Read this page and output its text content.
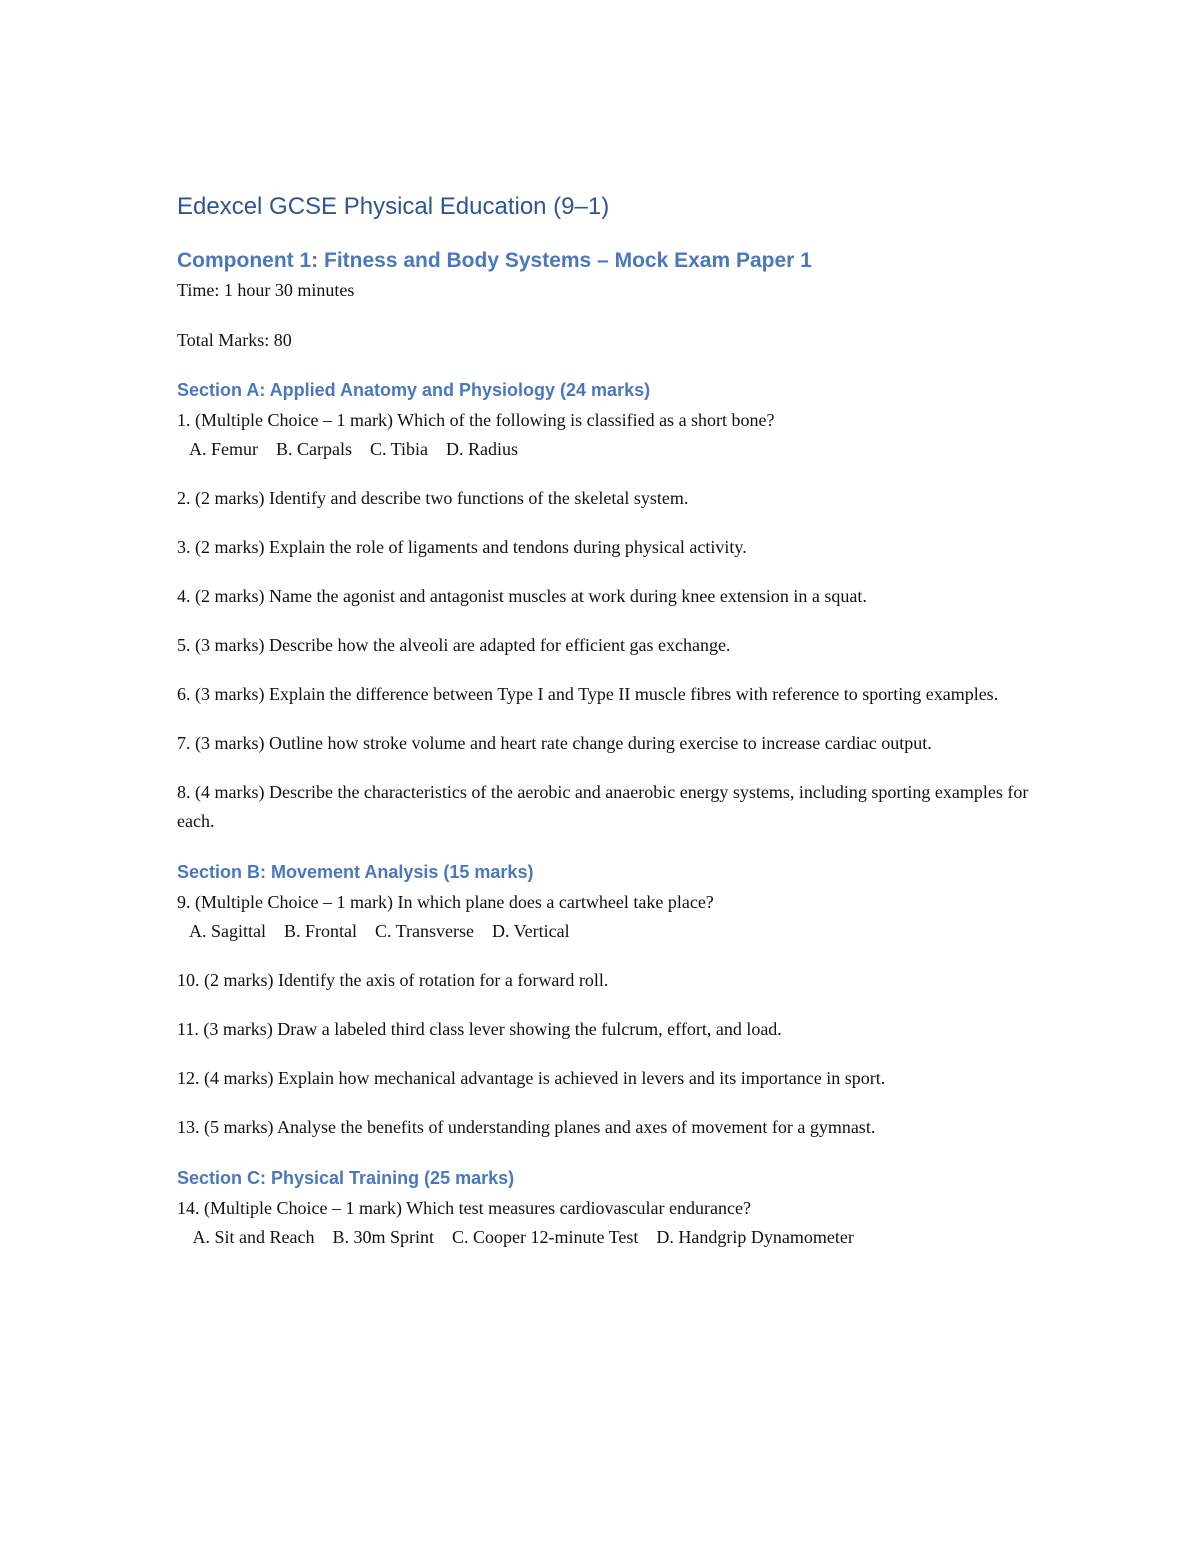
Edexcel GCSE Physical Education (9–1)
Component 1: Fitness and Body Systems – Mock Exam Paper 1

Time: 1 hour 30 minutes

Total Marks: 80

Section A: Applied Anatomy and Physiology (24 marks)
1. (Multiple Choice – 1 mark) Which of the following is classified as a short bone?
A. Femur    B. Carpals    C. Tibia    D. Radius

2. (2 marks) Identify and describe two functions of the skeletal system.

3. (2 marks) Explain the role of ligaments and tendons during physical activity.

4. (2 marks) Name the agonist and antagonist muscles at work during knee extension in a squat.

5. (3 marks) Describe how the alveoli are adapted for efficient gas exchange.

6. (3 marks) Explain the difference between Type I and Type II muscle fibres with reference to sporting examples.

7. (3 marks) Outline how stroke volume and heart rate change during exercise to increase cardiac output.

8. (4 marks) Describe the characteristics of the aerobic and anaerobic energy systems, including sporting examples for each.

Section B: Movement Analysis (15 marks)
9. (Multiple Choice – 1 mark) In which plane does a cartwheel take place?
A. Sagittal    B. Frontal    C. Transverse    D. Vertical

10. (2 marks) Identify the axis of rotation for a forward roll.

11. (3 marks) Draw a labeled third class lever showing the fulcrum, effort, and load.

12. (4 marks) Explain how mechanical advantage is achieved in levers and its importance in sport.

13. (5 marks) Analyse the benefits of understanding planes and axes of movement for a gymnast.

Section C: Physical Training (25 marks)
14. (Multiple Choice – 1 mark) Which test measures cardiovascular endurance?
A. Sit and Reach    B. 30m Sprint    C. Cooper 12-minute Test    D. Handgrip Dynamometer
